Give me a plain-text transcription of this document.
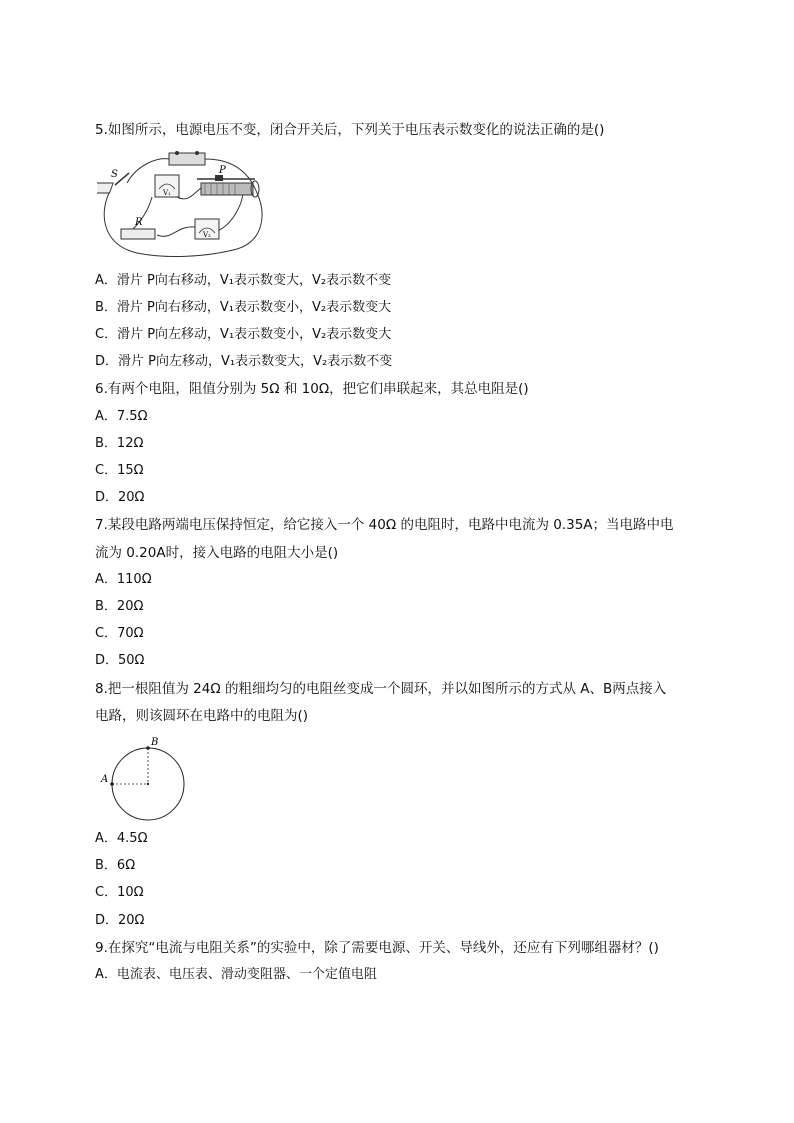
5.如图所示，电源电压不变，闭合开关后，下列关于电压表示数变化的说法正确的是()
S
V₁
P
R
V₂
A．滑片 P向右移动，V₁表示数变大，V₂表示数不变
B．滑片 P向右移动，V₁表示数变小，V₂表示数变大
C．滑片 P向左移动，V₁表示数变小，V₂表示数变大
D．滑片 P向左移动，V₁表示数变大，V₂表示数不变
6.有两个电阻，阻值分别为 5Ω 和 10Ω，把它们串联起来，其总电阻是()
A．7.5Ω
B．12Ω
C．15Ω
D．20Ω
7.某段电路两端电压保持恒定，给它接入一个 40Ω 的电阻时，电路中电流为 0.35A；当电路中电
流为 0.20A时，接入电路的电阻大小是()
A．110Ω
B．20Ω
C．70Ω
D．50Ω
8.把一根阻值为 24Ω 的粗细均匀的电阻丝变成一个圆环，并以如图所示的方式从 A、B两点接入
电路，则该圆环在电路中的电阻为()
A
B
A．4.5Ω
B．6Ω
C．10Ω
D．20Ω
9.在探究“电流与电阻关系”的实验中，除了需要电源、开关、导线外，还应有下列哪组器材？()
A．电流表、电压表、滑动变阻器、一个定值电阻
